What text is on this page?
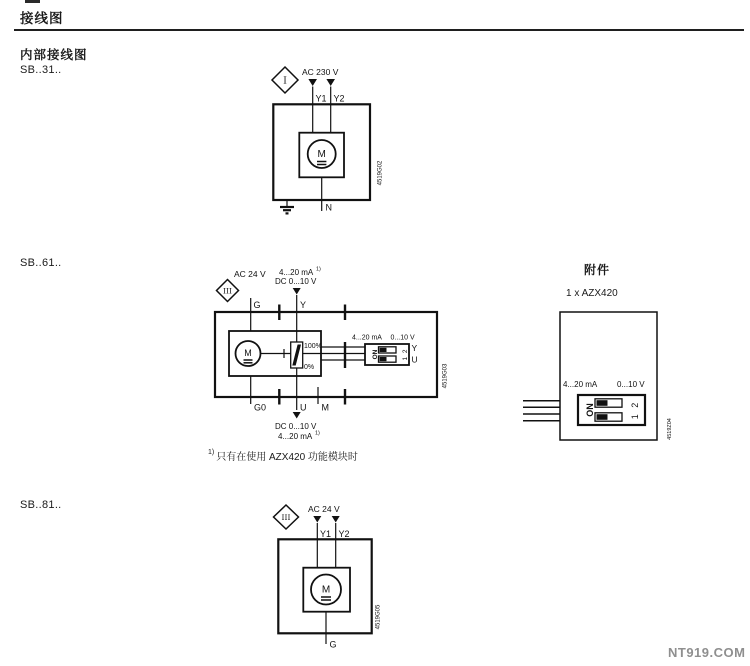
接线图
内部接线图
SB..31..
SB..61..
SB..81..
I
AC 230 V
Y1 Y2
M
N
4519G02
III
AC 24 V 4...20 mA 1)
DC 0...10 V
G	Y
M
100%
0%
4...20 mA 0...10 V
ON	1 2
Y
U
G0	U M
DC 0...10 V
4...20 mA 1)
4519G03
$^{1)}$ 只有在使用 AZX420 功能模块时
附件
1 x AZX420
4...20 mA 0...10 V
ON	1 2
4519Z04
III
AC 24 V
Y1 Y2
M
G
4519G05
NT919.COM
